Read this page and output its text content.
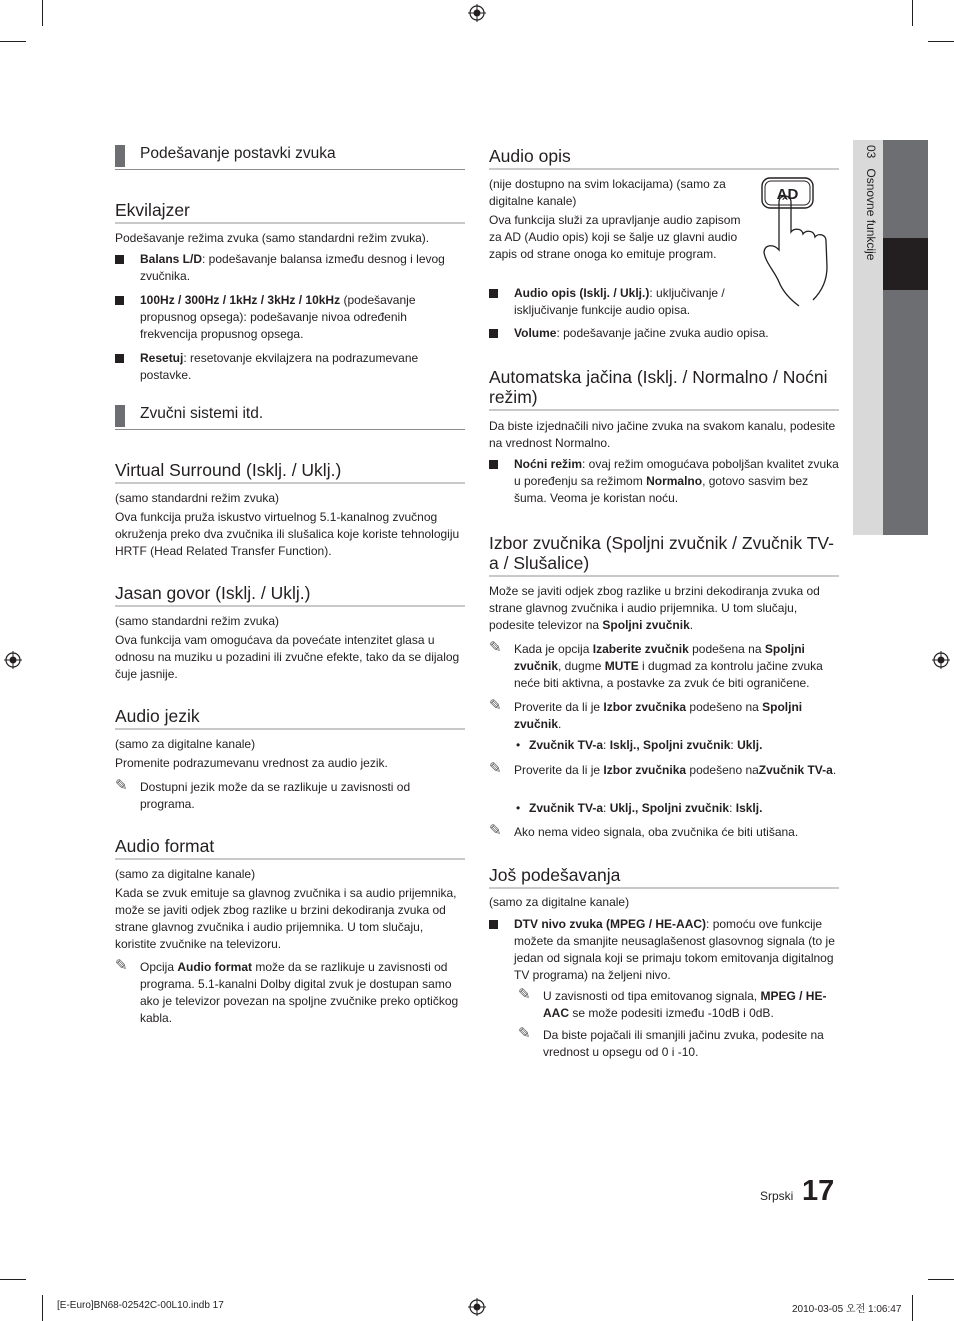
Podešavanje postavki zvuka
Ekvilajzer
Podešavanje režima zvuka (samo standardni režim zvuka).
Balans L/D: podešavanje balansa između desnog i levog zvučnika.
100Hz / 300Hz / 1kHz / 3kHz / 10kHz (podešavanje propusnog opsega): podešavanje nivoa određenih frekvencija propusnog opsega.
Resetuj: resetovanje ekvilajzera na podrazumevane postavke.
Zvučni sistemi itd.
Virtual Surround (Isklj. / Uklj.)
(samo standardni režim zvuka)
Ova funkcija pruža iskustvo virtuelnog 5.1-kanalnog zvučnog okruženja preko dva zvučnika ili slušalica koje koriste tehnologiju HRTF (Head Related Transfer Function).
Jasan govor (Isklj. / Uklj.)
(samo standardni režim zvuka)
Ova funkcija vam omogućava da povećate intenzitet glasa u odnosu na muziku u pozadini ili zvučne efekte, tako da se dijalog čuje jasnije.
Audio jezik
(samo za digitalne kanale)
Promenite podrazumevanu vrednost za audio jezik.
✎ Dostupni jezik može da se razlikuje u zavisnosti od programa.
Audio format
(samo za digitalne kanale)
Kada se zvuk emituje sa glavnog zvučnika i sa audio prijemnika, može se javiti odjek zbog razlike u brzini dekodiranja zvuka od strane glavnog zvučnika i audio prijemnika. U tom slučaju, koristite zvučnike na televizoru.
✎ Opcija Audio format može da se razlikuje u zavisnosti od programa. 5.1-kanalni Dolby digital zvuk je dostupan samo ako je televizor povezan na spoljne zvučnike preko optičkog kabla.
Audio opis
(nije dostupno na svim lokacijama) (samo za digitalne kanale)
Ova funkcija služi za upravljanje audio zapisom za AD (Audio opis) koji se šalje uz glavni audio zapis od strane onoga ko emituje program.
Audio opis (Isklj. / Uklj.): uključivanje / isključivanje funkcije audio opisa.
Volume: podešavanje jačine zvuka audio opisa.
Automatska jačina (Isklj. / Normalno / Noćni režim)
Da biste izjednačili nivo jačine zvuka na svakom kanalu, podesite na vrednost Normalno.
Noćni režim: ovaj režim omogućava poboljšan kvalitet zvuka u poređenju sa režimom Normalno, gotovo sasvim bez šuma. Veoma je koristan noću.
Izbor zvučnika (Spoljni zvučnik / Zvučnik TV-a / Slušalice)
Može se javiti odjek zbog razlike u brzini dekodiranja zvuka od strane glavnog zvučnika i audio prijemnika. U tom slučaju, podesite televizor na Spoljni zvučnik.
✎ Kada je opcija Izaberite zvučnik podešena na Spoljni zvučnik, dugme MUTE i dugmad za kontrolu jačine zvuka neće biti aktivna, a postavke za zvuk će biti ograničene.
✎ Proverite da li je Izbor zvučnika podešeno na Spoljni zvučnik.
• Zvučnik TV-a: Isklj., Spoljni zvučnik: Uklj.
✎ Proverite da li je Izbor zvučnika podešeno naZvučnik TV-a.
• Zvučnik TV-a: Uklj., Spoljni zvučnik: Isklj.
✎ Ako nema video signala, oba zvučnika će biti utišana.
Još podešavanja
(samo za digitalne kanale)
DTV nivo zvuka (MPEG / HE-AAC): pomoću ove funkcije možete da smanjite neusaglašenost glasovnog signala (to je jedan od signala koji se primaju tokom emitovanja digitalnog TV programa) na željeni nivo.
✎ U zavisnosti od tipa emitovanog signala, MPEG / HE-AAC se može podesiti između -10dB i 0dB.
✎ Da biste pojačali ili smanjili jačinu zvuka, podesite na vrednost u opsegu od 0 i -10.
AD
03   Osnovne funkcije
Srpski 17
[E-Euro]BN68-02542C-00L10.indb 17	2010-03-05 오전 1:06:47
